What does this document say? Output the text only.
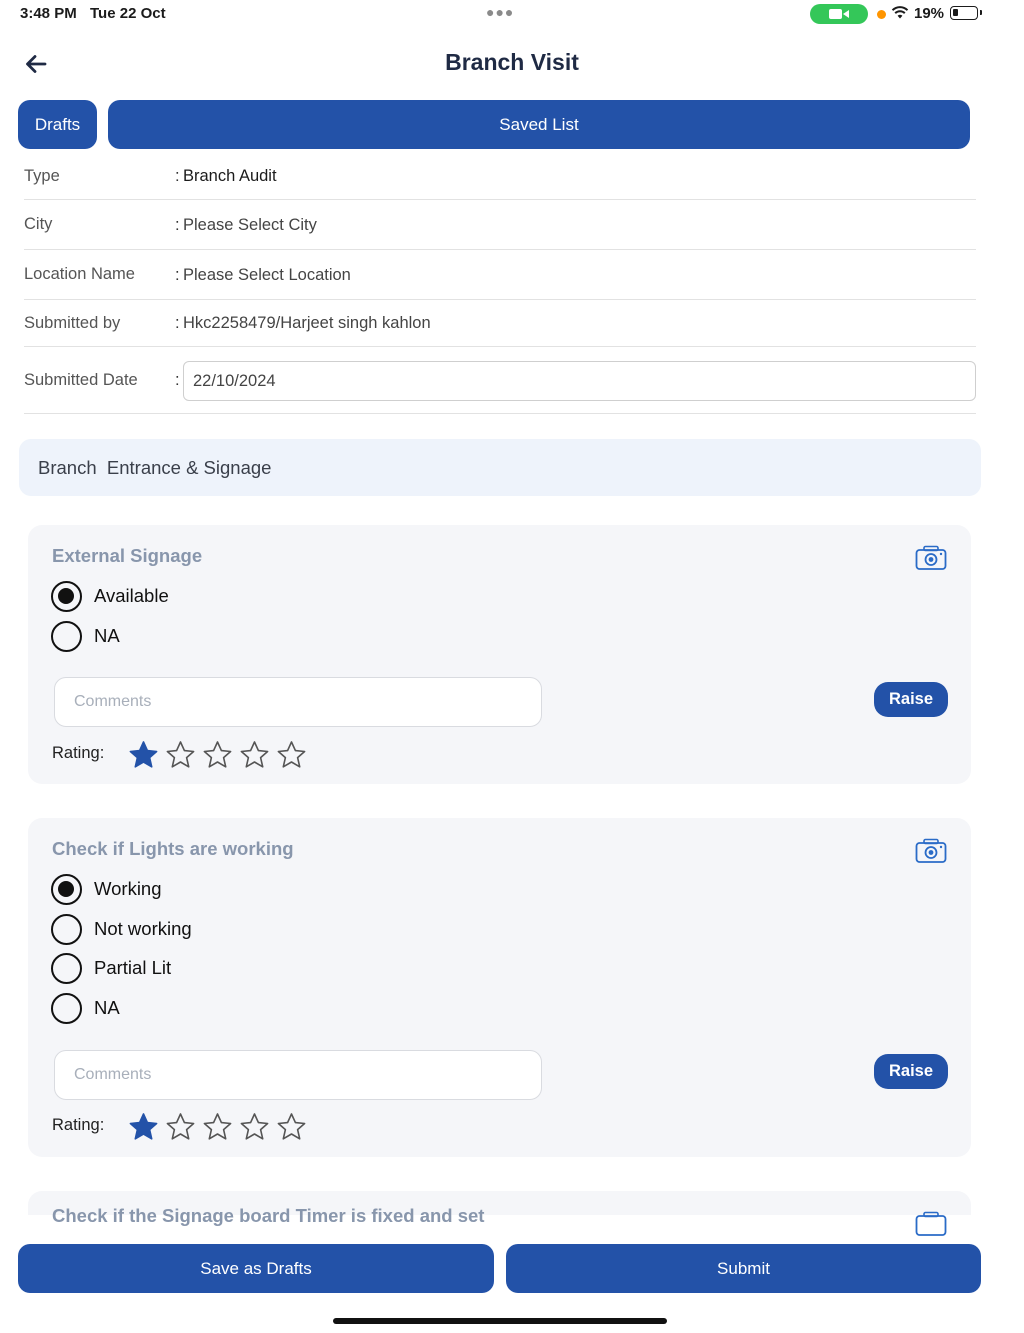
3:48 PM Tue 22 Oct	●●●	19%
Branch Visit
Drafts	Saved List
Type	: Branch Audit
City	: Please Select City
Location Name : Please Select Location
Submitted by	: Hkc2258479/Harjeet singh kahlon
Submitted Date : 22/10/2024
Branch  Entrance & Signage
External Signage
Available
NA
Comments	Raise
Rating:
Check if Lights are working
Working
Not working
Partial Lit
NA
Comments	Raise
Rating:
Check if the Signage board Timer is fixed and set
Save as Drafts	Submit
